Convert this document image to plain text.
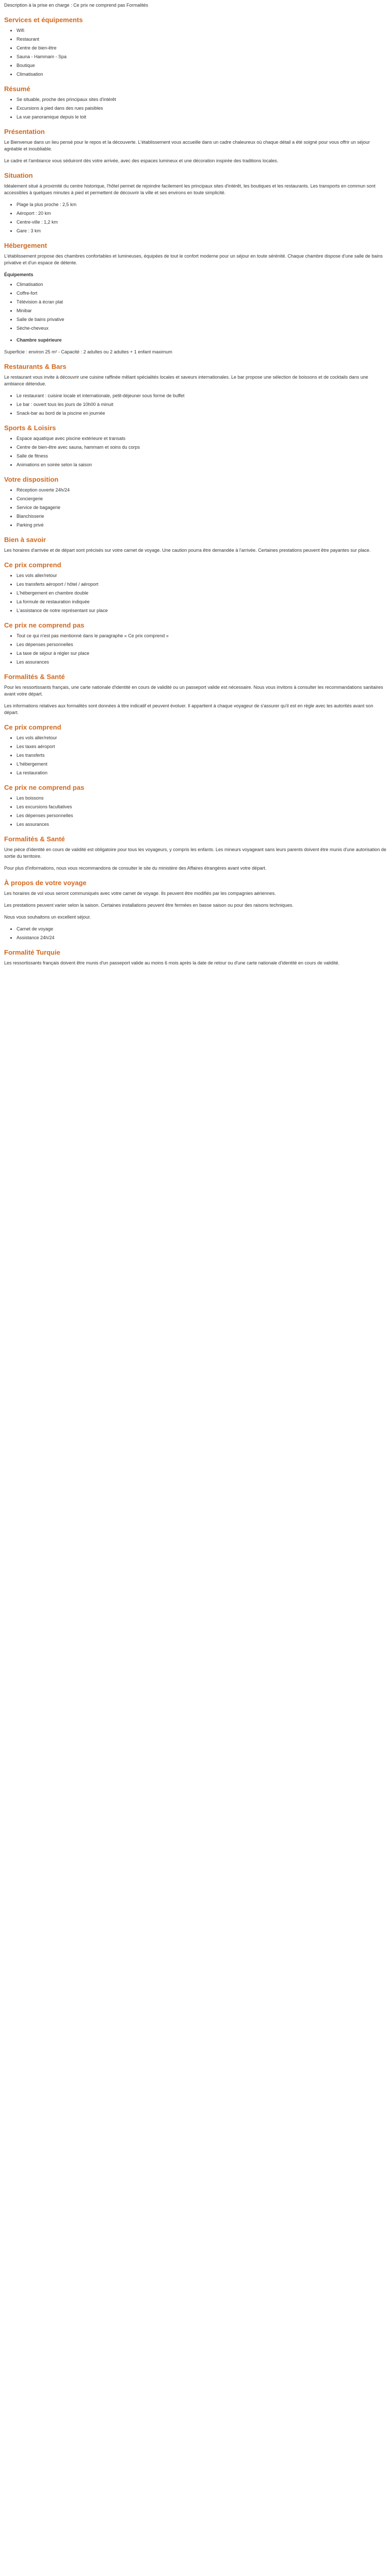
Description à la prise en charge : Ce prix ne comprend pas Formalités
Services et équipements
• Wifi
• Restaurant
• Centre de bien-être
• Sauna - Hammam - Spa
• Boutique
• Climatisation
Résumé
• Se situable, proche des principaux sites d'intérêt
• Excursions à pied dans des rues paisibles
• La vue panoramique depuis le toit
Présentation

Le Bienvenue dans un lieu pensé pour le repos et la découverte. L'établissement vous accueille dans un cadre chaleureux où chaque détail a été soigné pour vous offrir un séjour agréable et inoubliable.

Le cadre et l'ambiance vous séduiront dès votre arrivée, avec des espaces lumineux et une décoration inspirée des traditions locales.

Situation

Idéalement situé à proximité du centre historique, l'hôtel permet de rejoindre facilement les principaux sites d'intérêt, les boutiques et les restaurants. Les transports en commun sont accessibles à quelques minutes à pied et permettent de découvrir la ville et ses environs en toute simplicité.

• Plage la plus proche : 2,5 km
• Aéroport : 20 km
• Centre-ville : 1,2 km
• Gare : 3 km
Hébergement

L'établissement propose des chambres confortables et lumineuses, équipées de tout le confort moderne pour un séjour en toute sérénité. Chaque chambre dispose d'une salle de bains privative et d'un espace de détente.

Équipements
• Climatisation
• Coffre-fort
• Télévision à écran plat
• Minibar
• Salle de bains privative
• Sèche-cheveux
• Chambre supérieure

Superficie : environ 25 m² - Capacité : 2 adultes ou 2 adultes + 1 enfant maximum

Restaurants & Bars

Le restaurant vous invite à découvrir une cuisine raffinée mêlant spécialités locales et saveurs internationales. Le bar propose une sélection de boissons et de cocktails dans une ambiance détendue.

• Le restaurant : cuisine locale et internationale, petit-déjeuner sous forme de buffet
• Le bar : ouvert tous les jours de 10h00 à minuit
• Snack-bar au bord de la piscine en journée
Sports & Loisirs
• Espace aquatique avec piscine extérieure et transats
• Centre de bien-être avec sauna, hammam et soins du corps
• Salle de fitness
• Animations en soirée selon la saison
Votre disposition
• Réception ouverte 24h/24
• Conciergerie
• Service de bagagerie
• Blanchisserie
• Parking privé
Bien à savoir

Les horaires d'arrivée et de départ sont précisés sur votre carnet de voyage. Une caution pourra être demandée à l'arrivée. Certaines prestations peuvent être payantes sur place.

Ce prix comprend
• Les vols aller/retour
• Les transferts aéroport / hôtel / aéroport
• L'hébergement en chambre double
• La formule de restauration indiquée
• L'assistance de notre représentant sur place
Ce prix ne comprend pas
• Tout ce qui n'est pas mentionné dans le paragraphe « Ce prix comprend »
• Les dépenses personnelles
• La taxe de séjour à régler sur place
• Les assurances
Formalités & Santé

Pour les ressortissants français, une carte nationale d'identité en cours de validité ou un passeport valide est nécessaire. Nous vous invitons à consulter les recommandations sanitaires avant votre départ.

Les informations relatives aux formalités sont données à titre indicatif et peuvent évoluer. Il appartient à chaque voyageur de s'assurer qu'il est en règle avec les autorités avant son départ.

Ce prix comprend
• Les vols aller/retour
• Les taxes aéroport
• Les transferts
• L'hébergement
• La restauration
Ce prix ne comprend pas
• Les boissons
• Les excursions facultatives
• Les dépenses personnelles
• Les assurances
Formalités & Santé

Une pièce d'identité en cours de validité est obligatoire pour tous les voyageurs, y compris les enfants. Les mineurs voyageant sans leurs parents doivent être munis d'une autorisation de sortie du territoire.

Pour plus d'informations, nous vous recommandons de consulter le site du ministère des Affaires étrangères avant votre départ.

À propos de votre voyage

Les horaires de vol vous seront communiqués avec votre carnet de voyage. Ils peuvent être modifiés par les compagnies aériennes.

Les prestations peuvent varier selon la saison. Certaines installations peuvent être fermées en basse saison ou pour des raisons techniques.

Nous vous souhaitons un excellent séjour.

• Carnet de voyage
• Assistance 24h/24
Formalité Turquie

Les ressortissants français doivent être munis d'un passeport valide au moins 6 mois après la date de retour ou d'une carte nationale d'identité en cours de validité.
